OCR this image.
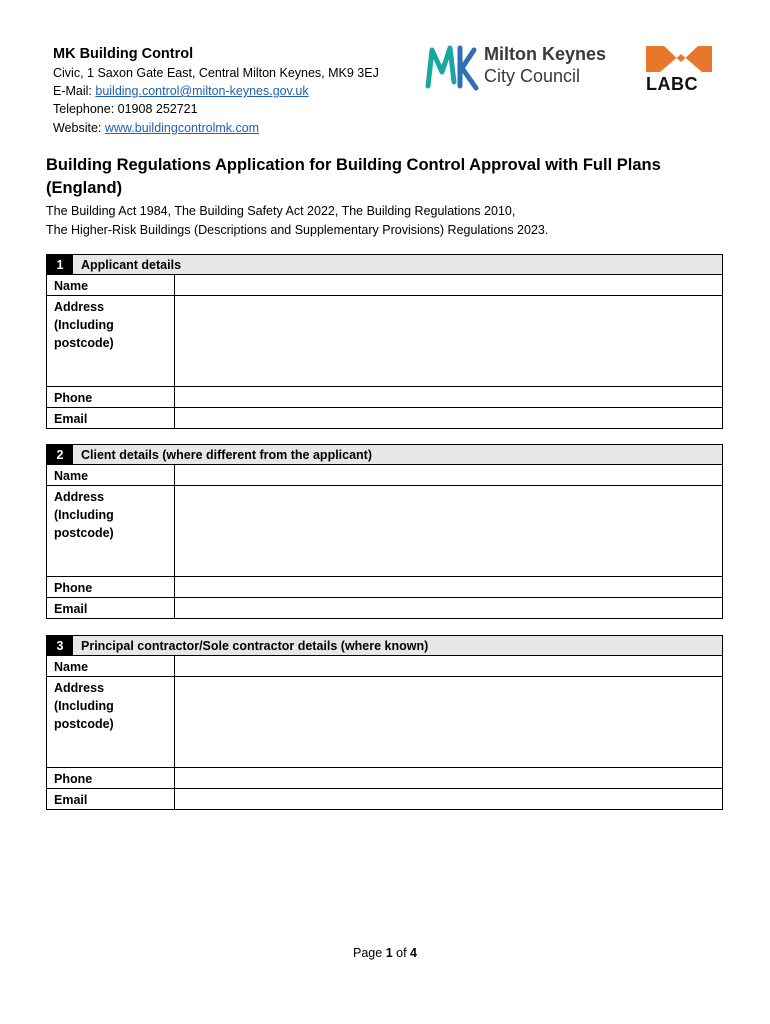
MK Building Control
Civic, 1 Saxon Gate East, Central Milton Keynes, MK9 3EJ
E-Mail: building.control@milton-keynes.gov.uk
Telephone: 01908 252721
Website: www.buildingcontrolmk.com
Milton Keynes
City Council	LABC
Building Regulations Application for Building Control Approval with Full Plans (England)
The Building Act 1984, The Building Safety Act 2022, The Building Regulations 2010,
The Higher-Risk Buildings (Descriptions and Supplementary Provisions) Regulations 2023.
1	Applicant details
Name
Address (Including postcode)
Phone
Email
2	Client details (where different from the applicant)
Name
Address (Including postcode)
Phone
Email
3	Principal contractor/Sole contractor details (where known)
Name
Address (Including postcode)
Phone
Email
Page 1 of 4
